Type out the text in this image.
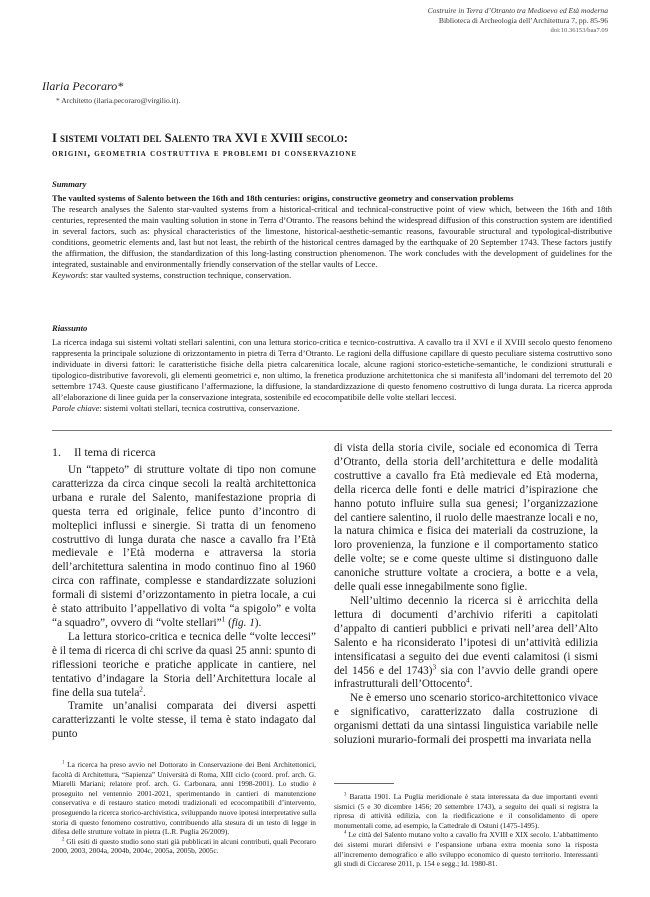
Costruire in Terra d’Otranto tra Medioevo ed Età moderna
Biblioteca di Archeologia dell’Architettura 7, pp. 85-96
doi:10.36153/baa7.09
Ilaria Pecoraro*
* Architetto (ilaria.pecoraro@virgilio.it).
I sistemi voltati del Salento tra XVI e XVIII secolo:
origini, geometria costruttiva e problemi di conservazione
Summary
The vaulted systems of Salento between the 16th and 18th centuries: origins, constructive geometry and conservation problems
The research analyses the Salento star-vaulted systems from a historical-critical and technical-constructive point of view which, between the 16th and 18th centuries, represented the main vaulting solution in stone in Terra d’Otranto. The reasons behind the widespread diffusion of this construction system are identified in several factors, such as: physical characteristics of the limestone, historical-aesthetic-semantic reasons, favourable structural and typological-distributive conditions, geometric elements and, last but not least, the rebirth of the historical centres damaged by the earthquake of 20 September 1743. These factors justify the affirmation, the diffusion, the standardization of this long-lasting construction phenomenon. The work concludes with the development of guidelines for the integrated, sustainable and environmentally friendly conservation of the stellar vaults of Lecce.
Keywords: star vaulted systems, construction technique, conservation.
Riassunto
La ricerca indaga sui sistemi voltati stellari salentini, con una lettura storico-critica e tecnico-costruttiva. A cavallo tra il XVI e il XVIII secolo questo fenomeno rappresenta la principale soluzione di orizzontamento in pietra di Terra d’Otranto. Le ragioni della diffusione capillare di questo peculiare sistema costruttivo sono individuate in diversi fattori: le caratteristiche fisiche della pietra calcarenitica locale, alcune ragioni storico-estetiche-semantiche, le condizioni strutturali e tipologico-distributive favorevoli, gli elementi geometrici e, non ultimo, la frenetica produzione architettonica che si manifesta all’indomani del terremoto del 20 settembre 1743. Queste cause giustificano l’affermazione, la diffusione, la standardizzazione di questo fenomeno costruttivo di lunga durata. La ricerca approda all’elaborazione di linee guida per la conservazione integrata, sostenibile ed ecocompatibile delle volte stellari leccesi.
Parole chiave: sistemi voltati stellari, tecnica costruttiva, conservazione.
1. Il tema di ricerca

Un “tappeto” di strutture voltate di tipo non comune caratterizza da circa cinque secoli la realtà architettonica urbana e rurale del Salento, manifestazione propria di questa terra ed originale, felice punto d’incontro di molteplici influssi e sinergie. Si tratta di un fenomeno costruttivo di lunga durata che nasce a cavallo fra l’Età medievale e l’Età moderna e attraversa la storia dell’architettura salentina in modo continuo fino al 1960 circa con raffinate, complesse e standardizzate soluzioni formali di sistemi d’orizzontamento in pietra locale, a cui è stato attribuito l’appellativo di volta “a spigolo” e volta “a squadro”, ovvero di “volte stellari”$^1$ (fig. 1).

La lettura storico-critica e tecnica delle “volte leccesi” è il tema di ricerca di chi scrive da quasi 25 anni: spunto di riflessioni teoriche e pratiche applicate in cantiere, nel tentativo d’indagare la Storia dell’Architettura locale al fine della sua tutela$^2$.

Tramite un’analisi comparata dei diversi aspetti caratterizzanti le volte stesse, il tema è stato indagato dal punto

di vista della storia civile, sociale ed economica di Terra d’Otranto, della storia dell’architettura e delle modalità costruttive a cavallo fra Età medievale ed Età moderna, della ricerca delle fonti e delle matrici d’ispirazione che hanno potuto influire sulla sua genesi; l’organizzazione del cantiere salentino, il ruolo delle maestranze locali e no, la natura chimica e fisica dei materiali da costruzione, la loro provenienza, la funzione e il comportamento statico delle volte; se e come queste ultime si distinguono dalle canoniche strutture voltate a crociera, a botte e a vela, delle quali esse innegabilmente sono figlie.

Nell’ultimo decennio la ricerca si è arricchita della lettura di documenti d’archivio riferiti a capitolati d’appalto di cantieri pubblici e privati nell’area dell’Alto Salento e ha riconsiderato l’ipotesi di un’attività edilizia intensificatasi a seguito dei due eventi calamitosi (i sismi del 1456 e del 1743)$^3$ sia con l’avvio delle grandi opere infrastrutturali dell’Ottocento$^4$.

Ne è emerso uno scenario storico-architettonico vivace e significativo, caratterizzato dalla costruzione di organismi dettati da una sintassi linguistica variabile nelle soluzioni murario-formali dei prospetti ma invariata nella

$^1$ La ricerca ha preso avvio nel Dottorato in Conservazione dei Beni Architettonici, facoltà di Architettura, “Sapienza” Università di Roma, XIII ciclo (coord. prof. arch. G. Miarelli Mariani; relatore prof. arch. G. Carbonara, anni 1998-2001). Lo studio è proseguito nel ventennio 2001-2021, sperimentando in cantieri di manutenzione conservativa e di restauro statico metodi tradizionali ed ecocompatibili d’intervento, proseguendo la ricerca storico-archivistica, sviluppando nuove ipotesi interpretative sulla storia di questo fenomeno costruttivo, contribuendo alla stesura di un testo di legge in difesa delle strutture voltate in pietra (L.R. Puglia 26/2009).

$^2$ Gli esiti di questo studio sono stati già pubblicati in alcuni contributi, quali Pecoraro 2000, 2003, 2004a, 2004b, 2004c, 2005a, 2005b, 2005c.

$^3$ Baratta 1901. La Puglia meridionale è stata interessata da due importanti eventi sismici (5 e 30 dicembre 1456; 20 settembre 1743), a seguito dei quali si registra la ripresa di attività edilizia, con la riedificazione e il consolidamento di opere monumentali come, ad esempio, la Cattedrale di Ostuni (1475-1495).

$^4$ Le città del Salento mutano volto a cavallo fra XVIII e XIX secolo. L’abbattimento dei sistemi murari difensivi e l’espansione urbana extra moenia sono la risposta all’incremento demografico e allo sviluppo economico di questo territorio. Interessanti gli studi di Ciccarese 2011, p. 154 e segg.; Id. 1980-81.
